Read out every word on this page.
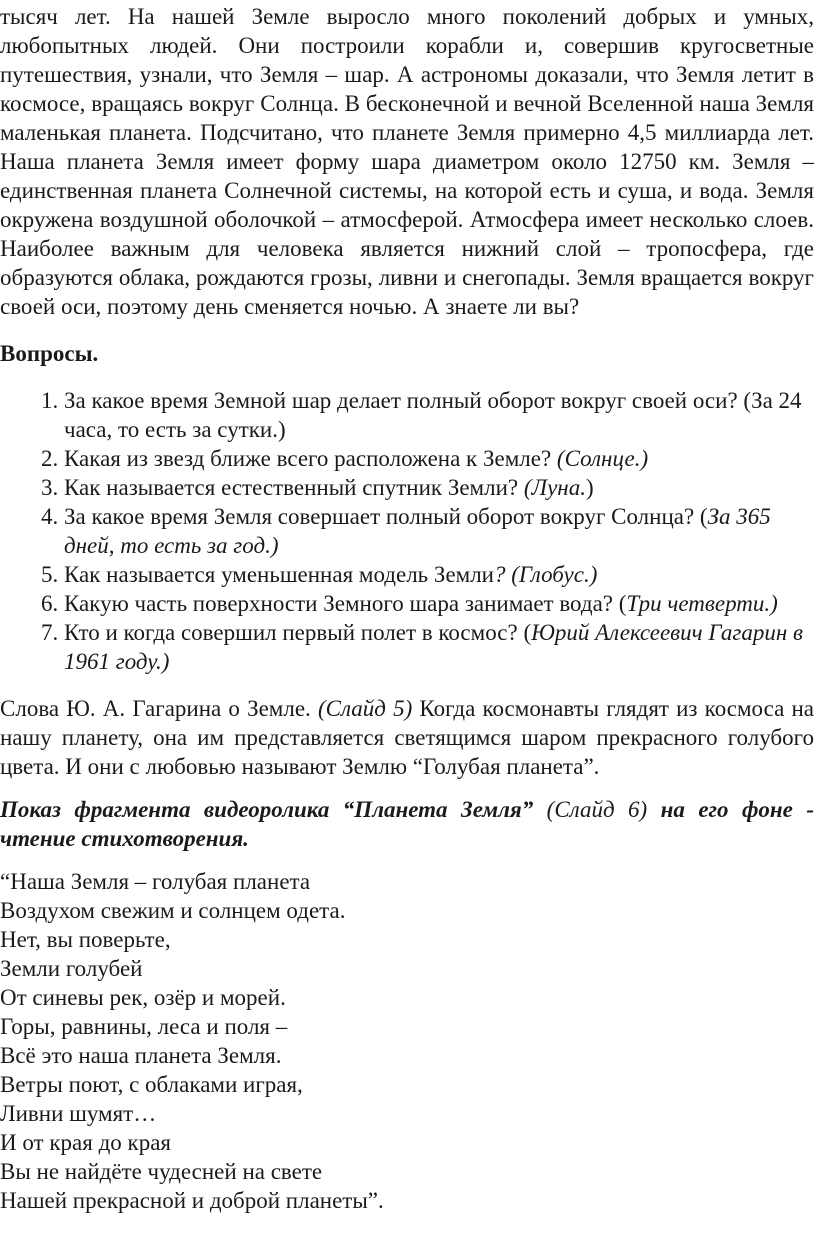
тысяч лет. На нашей Земле выросло много поколений добрых и умных, любопытных людей. Они построили корабли и, совершив кругосветные путешествия, узнали, что Земля – шар. А астрономы доказали, что Земля летит в космосе, вращаясь вокруг Солнца. В бесконечной и вечной Вселенной наша Земля маленькая планета. Подсчитано, что планете Земля примерно 4,5 миллиарда лет. Наша планета Земля имеет форму шара диаметром около 12750 км. Земля – единственная планета Солнечной системы, на которой есть и суша, и вода. Земля окружена воздушной оболочкой – атмосферой. Атмосфера имеет несколько слоев. Наиболее важным для человека является нижний слой – тропосфера, где образуются облака, рождаются грозы, ливни и снегопады. Земля вращается вокруг своей оси, поэтому день сменяется ночью. А знаете ли вы?

Вопросы.

1. За какое время Земной шар делает полный оборот вокруг своей оси? (За 24 часа, то есть за сутки.)
2. Какая из звезд ближе всего расположена к Земле? (Солнце.)
3. Как называется естественный спутник Земли? (Луна.)
4. За какое время Земля совершает полный оборот вокруг Солнца? (За 365 дней, то есть за год.)
5. Как называется уменьшенная модель Земли? (Глобус.)
6. Какую часть поверхности Земного шара занимает вода? (Три четверти.)
7. Кто и когда совершил первый полет в космос? (Юрий Алексеевич Гагарин в 1961 году.)

Слова Ю. А. Гагарина о Земле. (Слайд 5) Когда космонавты глядят из космоса на нашу планету, она им представляется светящимся шаром прекрасного голубого цвета. И они с любовью называют Землю “Голубая планета”.

Показ фрагмента видеоролика “Планета Земля” (Слайд 6) на его фоне - чтение стихотворения.

“Наша Земля – голубая планета
Воздухом свежим и солнцем одета.
Нет, вы поверьте,
Земли голубей
От синевы рек, озёр и морей.
Горы, равнины, леса и поля –
Всё это наша планета Земля.
Ветры поют, с облаками играя,
Ливни шумят…
И от края до края
Вы не найдёте чудесней на свете
Нашей прекрасной и доброй планеты”.
